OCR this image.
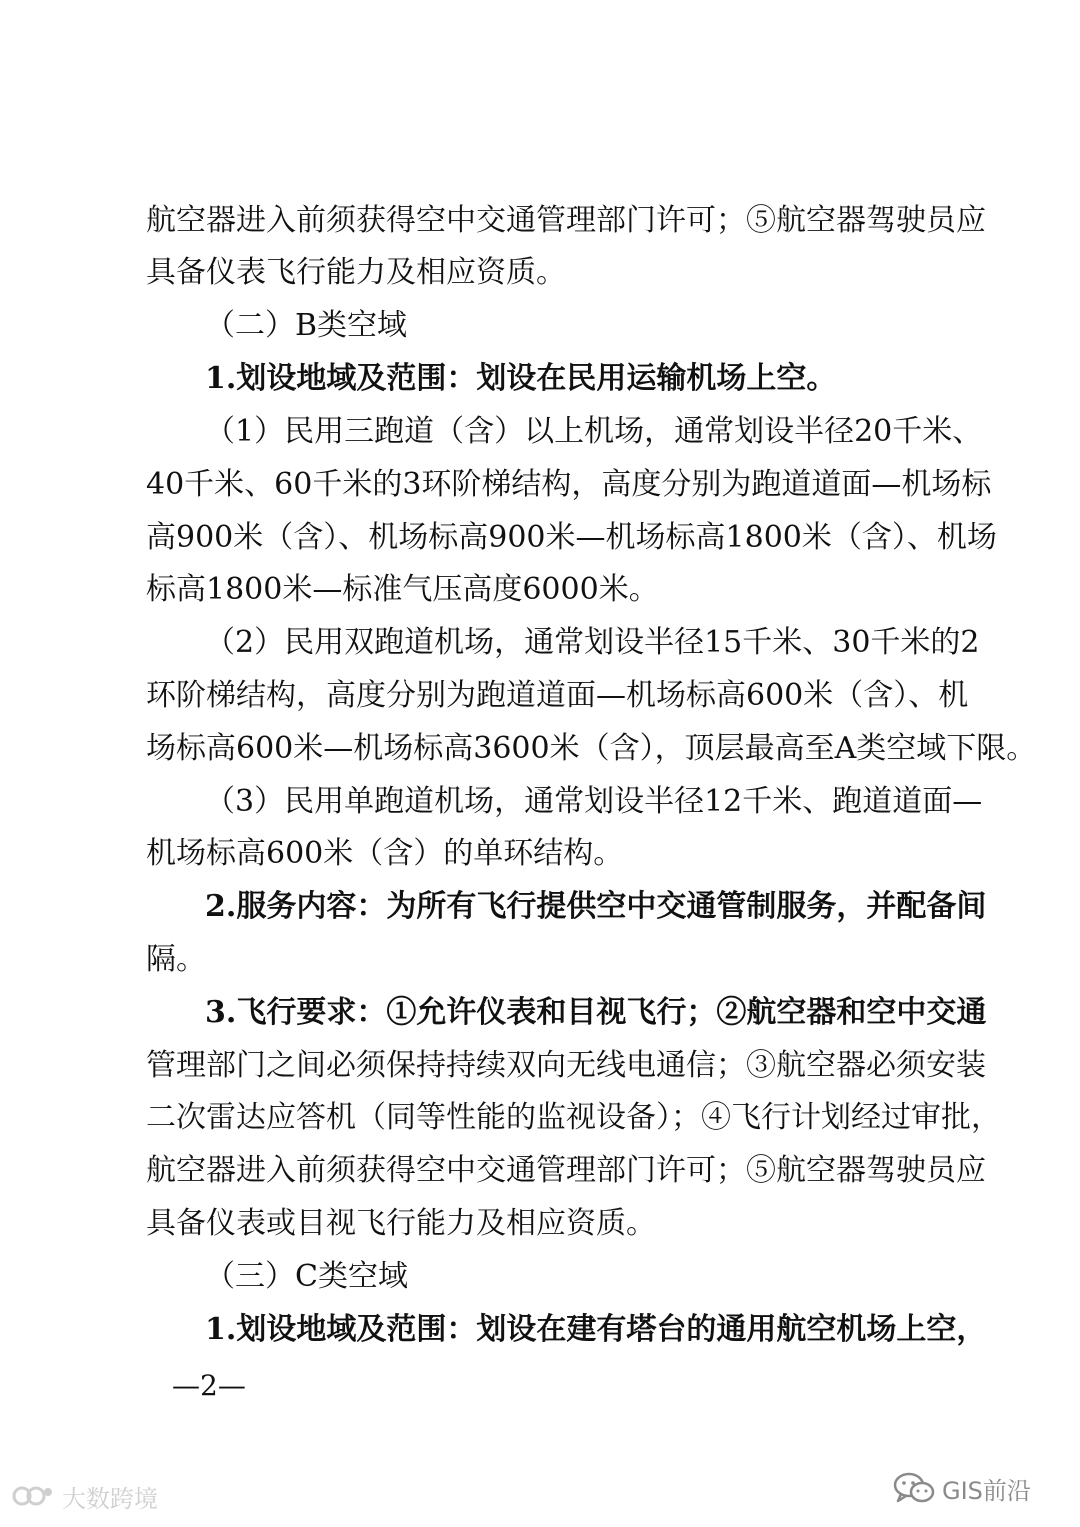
航空器进入前须获得空中交通管理部门许可；⑤航空器驾驶员应
具备仪表飞行能力及相应资质。
（二）B类空域
1.划设地域及范围：划设在民用运输机场上空。
（1）民用三跑道（含）以上机场，通常划设半径20千米、
40千米、60千米的3环阶梯结构，高度分别为跑道道面—机场标
高900米（含）、机场标高900米—机场标高1800米（含）、机场
标高1800米—标准气压高度6000米。
（2）民用双跑道机场，通常划设半径15千米、30千米的2
环阶梯结构，高度分别为跑道道面—机场标高600米（含）、机
场标高600米—机场标高3600米（含），顶层最高至A类空域下限。
（3）民用单跑道机场，通常划设半径12千米、跑道道面—
机场标高600米（含）的单环结构。
2.服务内容：为所有飞行提供空中交通管制服务，并配备间
隔。
3.飞行要求：①允许仪表和目视飞行；②航空器和空中交通
管理部门之间必须保持持续双向无线电通信；③航空器必须安装
二次雷达应答机（同等性能的监视设备）；④飞行计划经过审批，
航空器进入前须获得空中交通管理部门许可；⑤航空器驾驶员应
具备仪表或目视飞行能力及相应资质。
（三）C类空域
1.划设地域及范围：划设在建有塔台的通用航空机场上空，
—2—
大数跨境	GIS前沿
